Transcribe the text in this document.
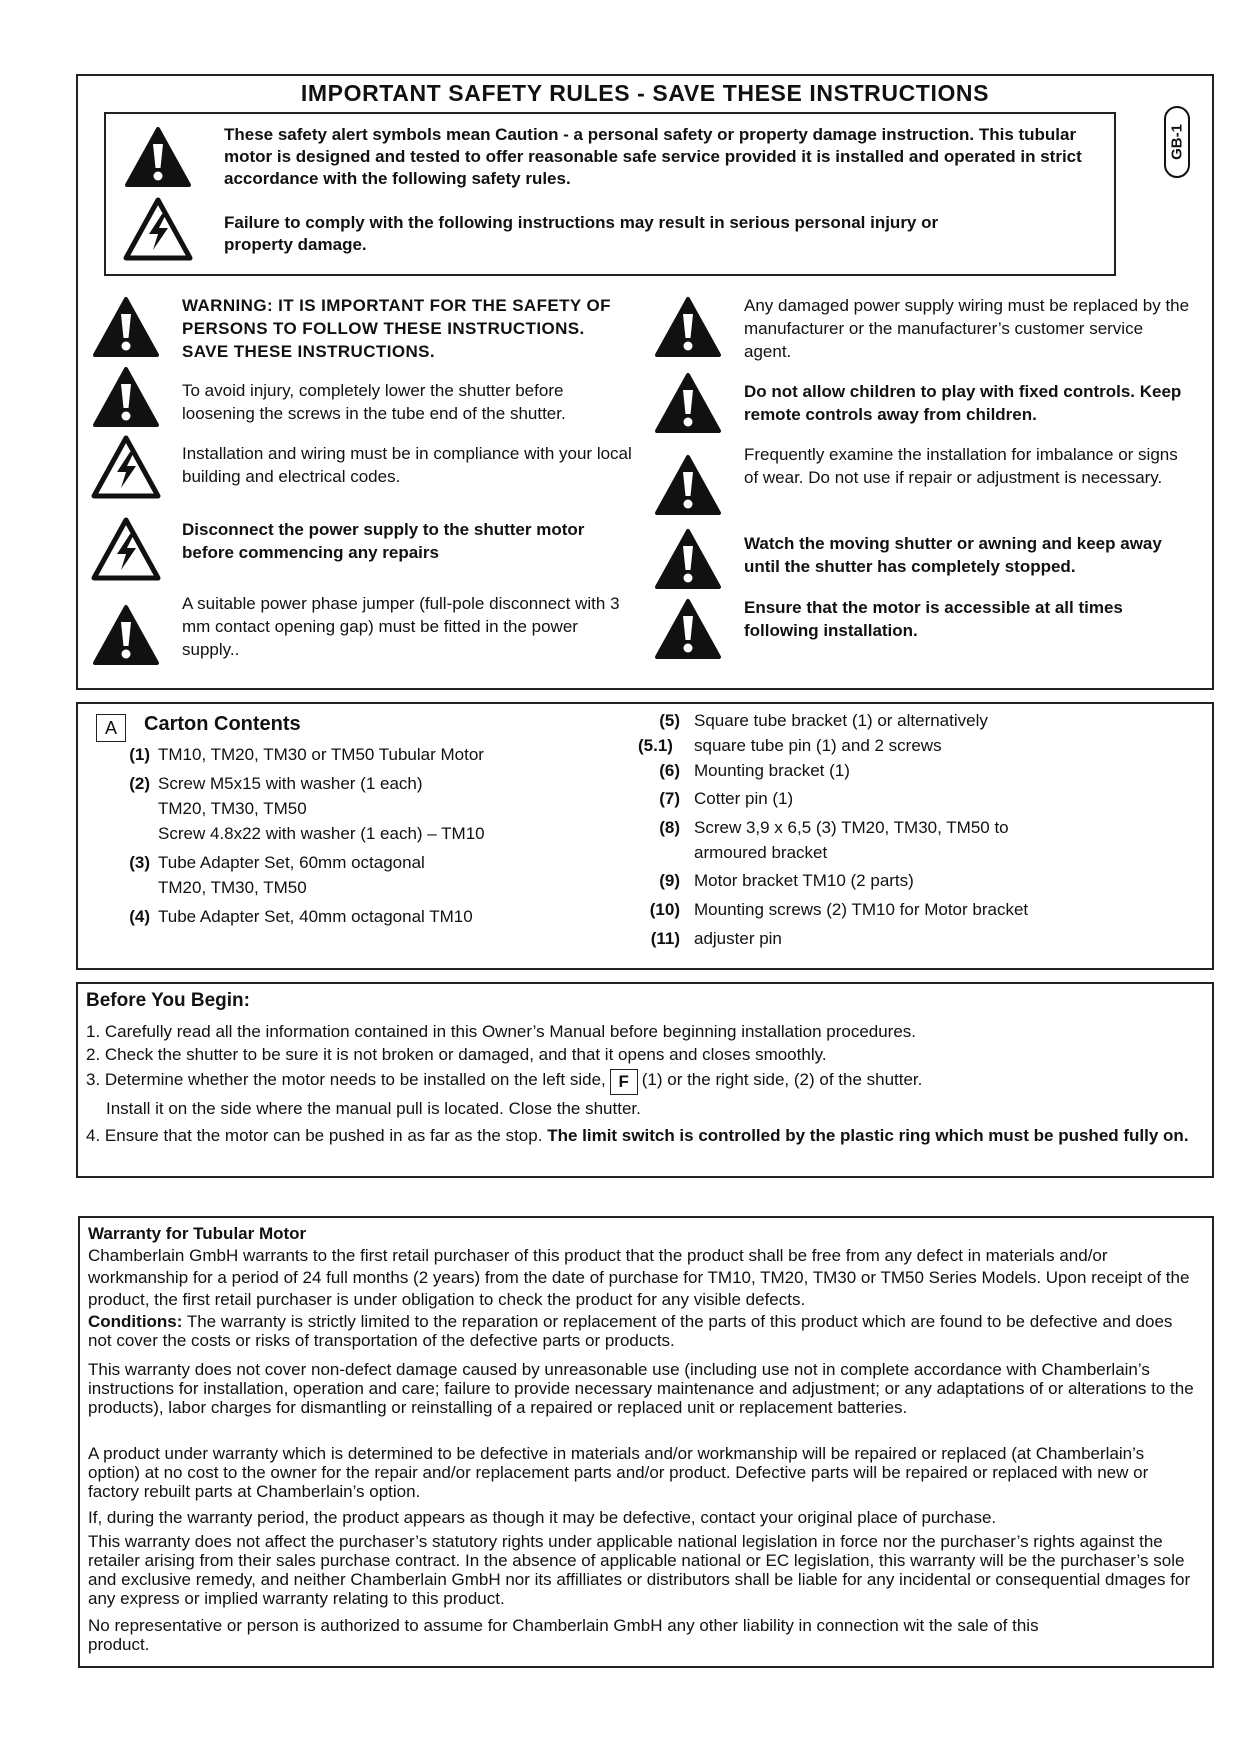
IMPORTANT SAFETY RULES - SAVE THESE INSTRUCTIONS
These safety alert symbols mean Caution - a personal safety or property damage instruction. This tubular motor is designed and tested to offer reasonable safe service provided it is installed and operated in strict accordance with the following safety rules.
Failure to comply with the following instructions may result in serious personal injury or property damage.
GB-1
WARNING: IT IS IMPORTANT FOR THE SAFETY OF PERSONS TO FOLLOW THESE INSTRUCTIONS. SAVE THESE INSTRUCTIONS.
To avoid injury, completely lower the shutter before loosening the screws in the tube end of the shutter.
Installation and wiring must be in compliance with your local building and electrical codes.
Disconnect the power supply to the shutter motor before commencing any repairs
A suitable power phase jumper (full-pole disconnect with 3 mm contact opening gap) must be fitted in the power supply..
Any damaged power supply wiring must be replaced by the manufacturer or the manufacturer’s customer service agent.
Do not allow children to play with fixed controls. Keep remote controls away from children.
Frequently examine the installation for imbalance or signs of wear. Do not use if repair or adjustment is necessary.
Watch the moving shutter or awning and keep away until the shutter has completely stopped.
Ensure that the motor is accessible at all times following installation.
A	Carton Contents
(1) TM10, TM20, TM30 or TM50 Tubular Motor
(2) Screw M5x15 with washer (1 each)
TM20, TM30, TM50
Screw 4.8x22 with washer (1 each) – TM10
(3) Tube Adapter Set, 60mm octagonal
TM20, TM30, TM50
(4) Tube Adapter Set, 40mm octagonal TM10
(5) Square tube bracket (1) or alternatively
(5.1)	square tube pin (1) and 2 screws
(6) Mounting bracket (1)
(7) Cotter pin (1)
(8) Screw 3,9 x 6,5 (3) TM20, TM30, TM50 to
armoured bracket
(9) Motor bracket TM10 (2 parts)
(10) Mounting screws (2) TM10 for Motor bracket
(11) adjuster pin
Before You Begin:
1. Carefully read all the information contained in this Owner’s Manual before beginning installation procedures.
2. Check the shutter to be sure it is not broken or damaged, and that it opens and closes smoothly.
3. Determine whether the motor needs to be installed on the left side, F (1) or the right side, (2) of the shutter.
Install it on the side where the manual pull is located. Close the shutter.
4. Ensure that the motor can be pushed in as far as the stop. The limit switch is controlled by the plastic ring which must be pushed fully on.
Warranty for Tubular Motor
Chamberlain GmbH warrants to the first retail purchaser of this product that the product shall be free from any defect in materials and/or workmanship for a period of 24 full months (2 years) from the date of purchase for TM10, TM20, TM30 or TM50 Series Models. Upon receipt of the product, the first retail purchaser is under obligation to check the product for any visible defects.
Conditions: The warranty is strictly limited to the reparation or replacement of the parts of this product which are found to be defective and does not cover the costs or risks of transportation of the defective parts or products.
This warranty does not cover non-defect damage caused by unreasonable use (including use not in complete accordance with Chamberlain’s instructions for installation, operation and care; failure to provide necessary maintenance and adjustment; or any adaptations of or alterations to the products), labor charges for dismantling or reinstalling of a repaired or replaced unit or replacement batteries.
A product under warranty which is determined to be defective in materials and/or workmanship will be repaired or replaced (at Chamberlain’s option) at no cost to the owner for the repair and/or replacement parts and/or product. Defective parts will be repaired or replaced with new or factory rebuilt parts at Chamberlain’s option.
If, during the warranty period, the product appears as though it may be defective, contact your original place of purchase.
This warranty does not affect the purchaser’s statutory rights under applicable national legislation in force nor the purchaser’s rights against the retailer arising from their sales purchase contract. In the absence of applicable national or EC legislation, this warranty will be the purchaser’s sole and exclusive remedy, and neither Chamberlain GmbH nor its affilliates or distributors shall be liable for any incidental or consequential dmages for any express or implied warranty relating to this product.
No representative or person is authorized to assume for Chamberlain GmbH any other liability in connection wit the sale of this product.
